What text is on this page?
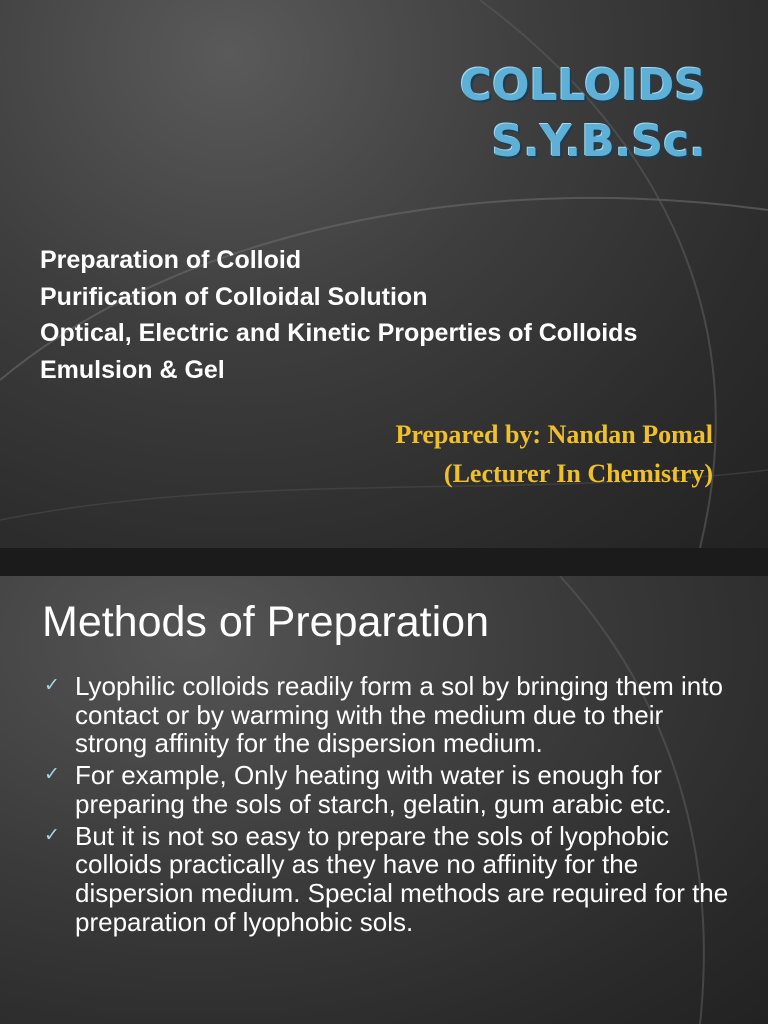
COLLOIDS
S.Y.B.Sc.
Preparation of Colloid
Purification of Colloidal Solution
Optical, Electric and Kinetic Properties of Colloids
Emulsion & Gel

Prepared by: Nandan Pomal

(Lecturer In Chemistry)

Methods of Preparation
✓ Lyophilic colloids readily form a sol by bringing them into contact or by warming with the medium due to their strong affinity for the dispersion medium.
✓ For example, Only heating with water is enough for preparing the sols of starch, gelatin, gum arabic etc.
✓ But it is not so easy to prepare the sols of lyophobic colloids practically as they have no affinity for the dispersion medium. Special methods are required for the preparation of lyophobic sols.
